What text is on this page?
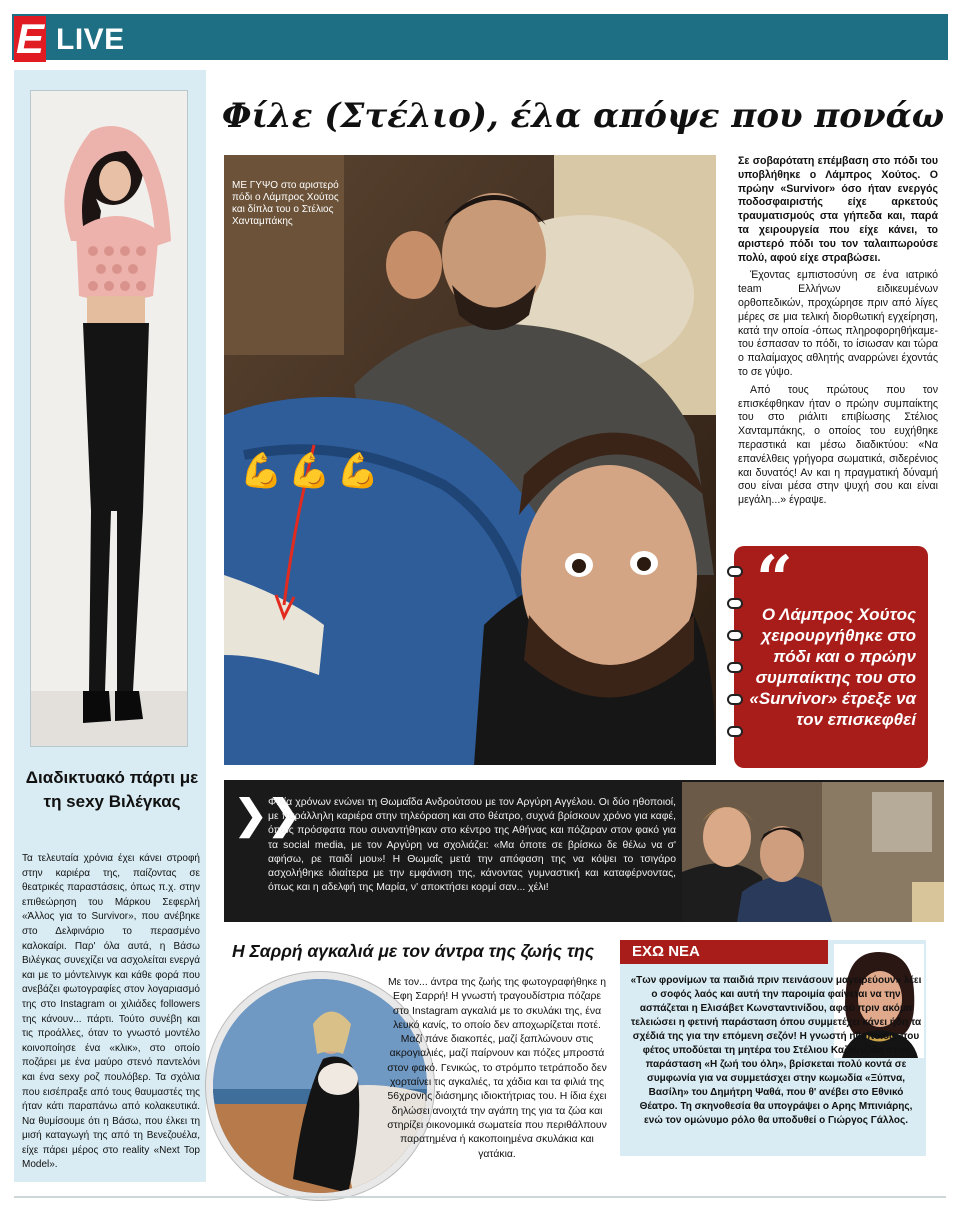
E LIVE
Διαδικτυακό πάρτι με τη sexy Βιλέγκας
Τα τελευταία χρόνια έχει κάνει στροφή στην καριέρα της, παίζοντας σε θεατρικές παραστάσεις, όπως π.χ. στην επιθεώρηση του Μάρκου Σεφερλή «Άλλος για το Survivor», που ανέβηκε στο Δελφινάριο το περασμένο καλοκαίρι. Παρ' όλα αυτά, η Βάσω Βιλέγκας συνεχίζει να ασχολείται ενεργά και με το μόντελινγκ και κάθε φορά που ανεβάζει φωτογραφίες στον λογαριασμό της στο Instagram οι χιλιάδες followers της κάνουν... πάρτι. Τούτο συνέβη και τις προάλλες, όταν το γνωστό μοντέλο κοινοποίησε ένα «κλικ», στο οποίο ποζάρει με ένα μαύρο στενό παντελόνι και ένα sexy ροζ πουλόβερ. Τα σχόλια που εισέπραξε από τους θαυμαστές της ήταν κάτι παραπάνω από κολακευτικά. Να θυμίσουμε ότι η Βάσω, που έλκει τη μισή καταγωγή της από τη Βενεζουέλα, είχε πάρει μέρος στο reality «Next Top Model».
Φίλε (Στέλιο), έλα απόψε που πονάω
💪💪💪
ΜΕ ΓΥΨΟ στο αριστερό πόδι ο Λάμπρος Χούτος και δίπλα του ο Στέλιος Χανταμπάκης

Σε σοβαρότατη επέμβαση στο πόδι του υποβλήθηκε ο Λάμπρος Χούτος. Ο πρώην «Survivor» όσο ήταν ενεργός ποδοσφαιριστής είχε αρκετούς τραυματισμούς στα γήπεδα και, παρά τα χειρουργεία που είχε κάνει, το αριστερό πόδι του τον ταλαιπωρούσε πολύ, αφού είχε στραβώσει.

Έχοντας εμπιστοσύνη σε ένα ιατρικό team Ελλήνων ειδικευμένων ορθοπεδικών, προχώρησε πριν από λίγες μέρες σε μια τελική διορθωτική εγχείρηση, κατά την οποία -όπως πληροφορηθήκαμε- του έσπασαν το πόδι, το ίσιωσαν και τώρα ο παλαίμαχος αθλητής αναρρώνει έχοντάς το σε γύψο.

Από τους πρώτους που τον επισκέφθηκαν ήταν ο πρώην συμπαίκτης του στο ριάλιτι επιβίωσης Στέλιος Χανταμπάκης, ο οποίος του ευχήθηκε περαστικά και μέσω διαδικτύου: «Να επανέλθεις γρήγορα σωματικά, σιδερένιος και δυνατός! Αν και η πραγματική δύναμή σου είναι μέσα στην ψυχή σου και είναι μεγάλη...» έγραψε.

“
Ο Λάμπρος Χούτος χειρουργήθηκε στο πόδι και ο πρώην συμπαίκτης του στο «Survivor» έτρεξε να τον επισκεφθεί
❯❯
Φιλία χρόνων ενώνει τη Θωμαΐδα Ανδρούτσου με τον Αργύρη Αγγέλου. Οι δύο ηθοποιοί, με παράλληλη καριέρα στην τηλεόραση και στο θέατρο, συχνά βρίσκουν χρόνο για καφέ, όπως πρόσφατα που συναντήθηκαν στο κέντρο της Αθήνας και πόζαραν στον φακό για τα social media, με τον Αργύρη να σχολιάζει: «Μα όποτε σε βρίσκω δε θέλω να σ' αφήσω, ρε παιδί μου»! Η Θωμαΐς μετά την απόφαση της να κόψει το τσιγάρο ασχολήθηκε ιδιαίτερα με την εμφάνιση της, κάνοντας γυμναστική και καταφέρνοντας, όπως και η αδελφή της Μαρία, ν' αποκτήσει κορμί σαν... χέλι!
Η Σαρρή αγκαλιά με τον άντρα της ζωής της
Με τον... άντρα της ζωής της φωτογραφήθηκε η Εφη Σαρρή! Η γνωστή τραγουδίστρια πόζαρε στο Instagram αγκαλιά με το σκυλάκι της, ένα λευκό κανίς, το οποίο δεν αποχωρίζεται ποτέ. Μαζί πάνε διακοπές, μαζί ξαπλώνουν στις ακρογιαλιές, μαζί παίρνουν και πόζες μπροστά στον φακό. Γενικώς, το στρόμπο τετράποδο δεν χορταίνει τις αγκαλιές, τα χάδια και τα φιλιά της 56χρονης διάσημης ιδιοκτήτριας του. Η ίδια έχει δηλώσει ανοιχτά την αγάπη της για τα ζώα και στηρίζει οικονομικά σωματεία που περιθάλπουν παρατημένα ή κακοποιημένα σκυλάκια και γατάκια.
ΕΧΩ ΝΕΑ
«Των φρονίμων τα παιδιά πριν πεινάσουν μαγειρεύουν» λέει ο σοφός λαός και αυτή την παροιμία φαίνεται να την ασπάζεται η Ελισάβετ Κωνσταντινίδου, αφού πριν ακόμα τελειώσει η φετινή παράσταση όπου συμμετέχει κάνει ήδη τα σχέδιά της για την επόμενη σεζόν! Η γνωστή ηθοποιός, που φέτος υποδύεται τη μητέρα του Στέλιου Καζαντζίδη στην παράσταση «Η ζωή του όλη», βρίσκεται πολύ κοντά σε συμφωνία για να συμμετάσχει στην κωμωδία «Ξύπνα, Βασίλη» του Δημήτρη Ψαθά, που θ' ανέβει στο Εθνικό Θέατρο. Τη σκηνοθεσία θα υπογράψει ο Αρης Μπινιάρης, ενώ τον ομώνυμο ρόλο θα υποδυθεί ο Γιώργος Γάλλος.
